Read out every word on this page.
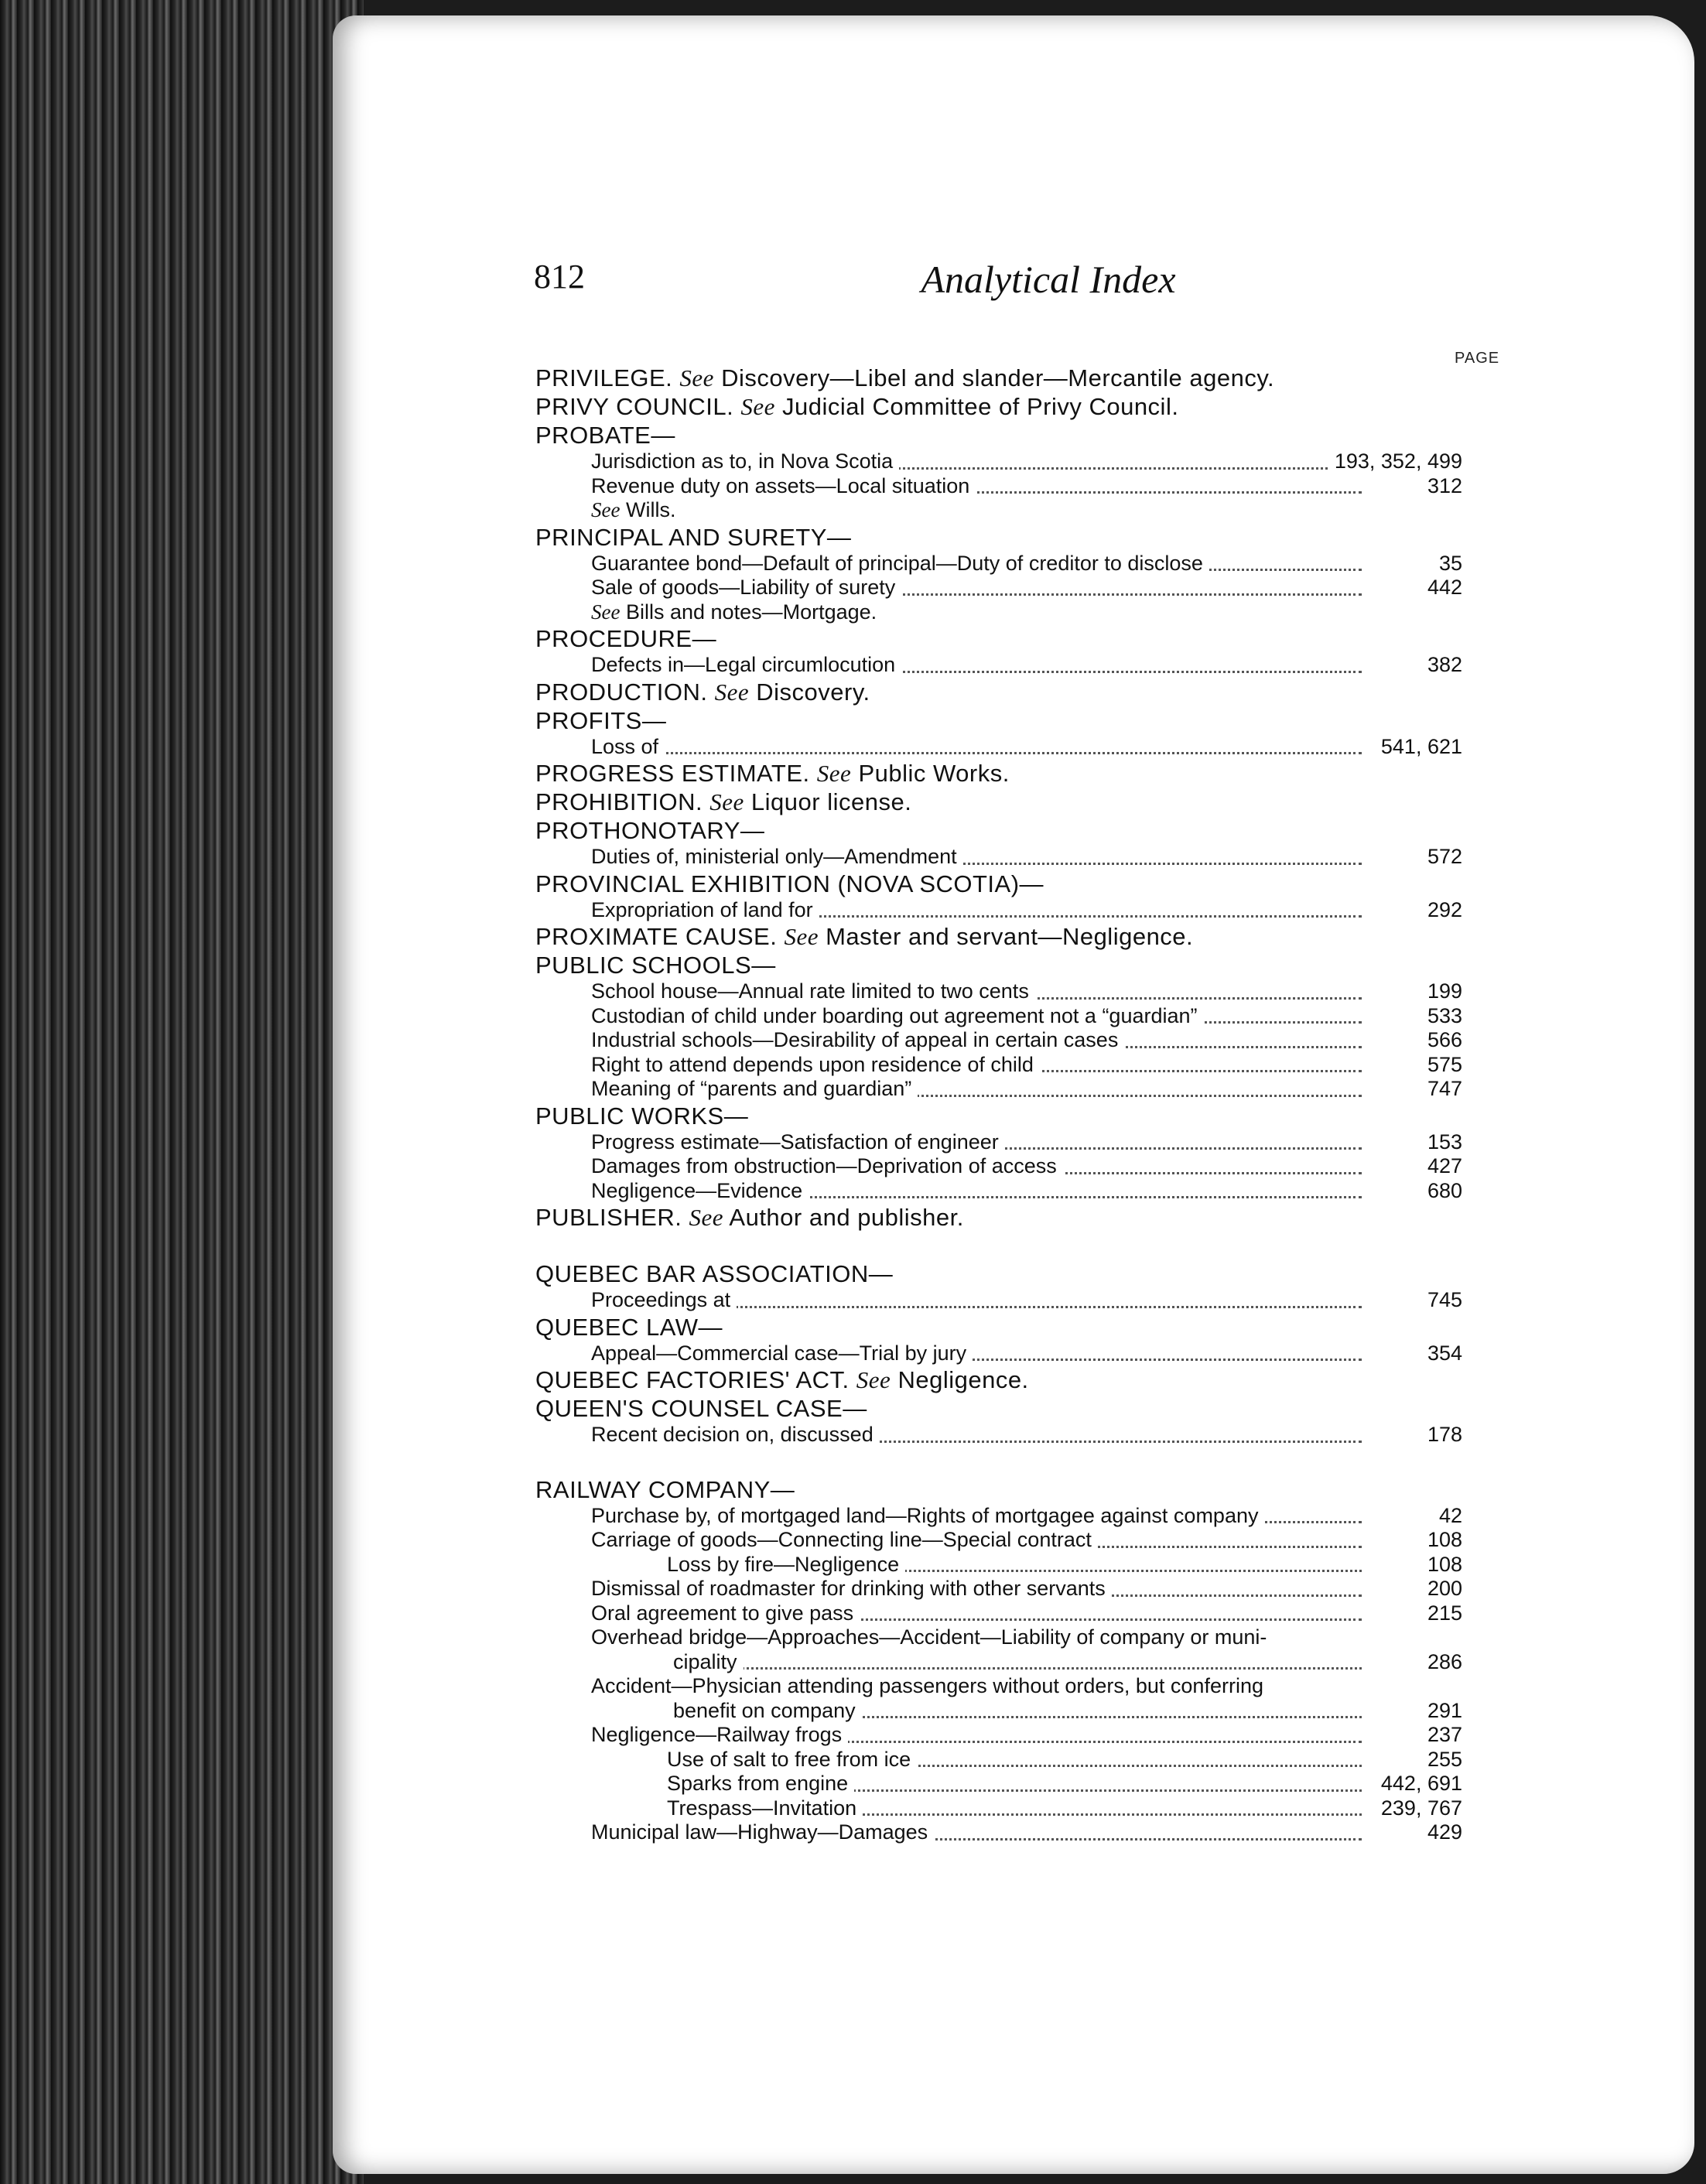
812	Analytical Index
PAGE
PRIVILEGE. See Discovery—Libel and slander—Mercantile agency.
PRIVY COUNCIL. See Judicial Committee of Privy Council.
PROBATE—
Jurisdiction as to, in Nova Scotia	193, 352, 499
Revenue duty on assets—Local situation	312
See Wills.
PRINCIPAL AND SURETY—
Guarantee bond—Default of principal—Duty of creditor to disclose	35
Sale of goods—Liability of surety	442
See Bills and notes—Mortgage.
PROCEDURE—
Defects in—Legal circumlocution	382
PRODUCTION. See Discovery.
PROFITS—
Loss of	541, 621
PROGRESS ESTIMATE. See Public Works.
PROHIBITION. See Liquor license.
PROTHONOTARY—
Duties of, ministerial only—Amendment	572
PROVINCIAL EXHIBITION (NOVA SCOTIA)—
Expropriation of land for	292
PROXIMATE CAUSE. See Master and servant—Negligence.
PUBLIC SCHOOLS—
School house—Annual rate limited to two cents	199
Custodian of child under boarding out agreement not a “guardian”	533
Industrial schools—Desirability of appeal in certain cases	566
Right to attend depends upon residence of child	575
Meaning of “parents and guardian”	747
PUBLIC WORKS—
Progress estimate—Satisfaction of engineer	153
Damages from obstruction—Deprivation of access	427
Negligence—Evidence	680
PUBLISHER. See Author and publisher.
QUEBEC BAR ASSOCIATION—
Proceedings at	745
QUEBEC LAW—
Appeal—Commercial case—Trial by jury	354
QUEBEC FACTORIES' ACT. See Negligence.
QUEEN'S COUNSEL CASE—
Recent decision on, discussed	178
RAILWAY COMPANY—
Purchase by, of mortgaged land—Rights of mortgagee against company	42
Carriage of goods—Connecting line—Special contract	108
Loss by fire—Negligence	108
Dismissal of roadmaster for drinking with other servants	200
Oral agreement to give pass	215
Overhead bridge—Approaches—Accident—Liability of company or muni-
cipality	286
Accident—Physician attending passengers without orders, but conferring
benefit on company	291
Negligence—Railway frogs	237
Use of salt to free from ice	255
Sparks from engine	442, 691
Trespass—Invitation	239, 767
Municipal law—Highway—Damages	429
